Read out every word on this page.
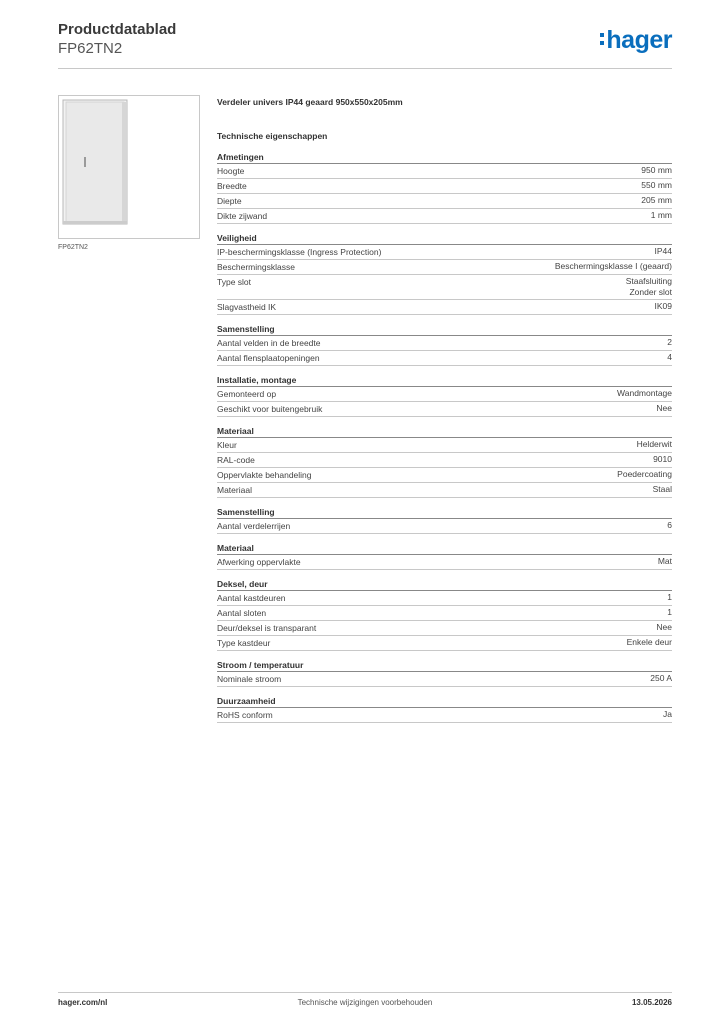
Productdatablad
FP62TN2	hager
FP62TN2
Verdeler univers IP44 geaard 950x550x205mm
Technische eigenschappen
Afmetingen
Hoogte	950 mm
Breedte	550 mm
Diepte	205 mm
Dikte zijwand	1 mm
Veiligheid
IP-beschermingsklasse (Ingress Protection)	IP44
Beschermingsklasse	Beschermingsklasse I (geaard)
Type slot	Staafsluiting
Zonder slot
Slagvastheid IK	IK09
Samenstelling
Aantal velden in de breedte	2
Aantal flensplaatopeningen	4
Installatie, montage
Gemonteerd op	Wandmontage
Geschikt voor buitengebruik	Nee
Materiaal
Kleur	Helderwit
RAL-code	9010
Oppervlakte behandeling	Poedercoating
Materiaal	Staal
Samenstelling
Aantal verdelerrijen	6
Materiaal
Afwerking oppervlakte	Mat
Deksel, deur
Aantal kastdeuren	1
Aantal sloten	1
Deur/deksel is transparant	Nee
Type kastdeur	Enkele deur
Stroom / temperatuur
Nominale stroom	250 A
Duurzaamheid
RoHS conform	Ja
hager.com/nl	Technische wijzigingen voorbehouden	13.05.2026
